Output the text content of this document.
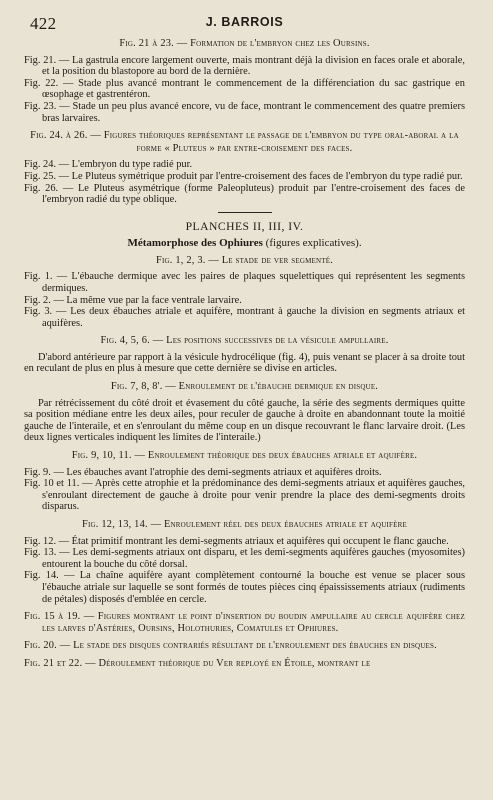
422	J. BARROIS

Fig. 21 à 23. — Formation de l'embryon chez les Oursins.

Fig. 21. — La gastrula encore largement ouverte, mais montrant déjà la division en faces orale et aborale, et la position du blastopore au bord de la dernière.

Fig. 22. — Stade plus avancé montrant le commencement de la différenciation du sac gastrique en œsophage et gastrentéron.

Fig. 23. — Stade un peu plus avancé encore, vu de face, montrant le commencement des quatre premiers bras larvaires.

Fig. 24. à 26. — Figures théoriques représentant le passage de l'embryon du type oral-aboral a la forme « Pluteus » par entre-croisement des faces.

Fig. 24. — L'embryon du type radié pur.

Fig. 25. — Le Pluteus symétrique produit par l'entre-croisement des faces de l'embryon du type radié pur.

Fig. 26. — Le Pluteus asymétrique (forme Paleopluteus) produit par l'entre-croisement des faces de l'embryon radié du type oblique.

PLANCHES II, III, IV.

Métamorphose des Ophiures (figures explicatives).

Fig. 1, 2, 3. — Le stade de ver segmenté.

Fig. 1. — L'ébauche dermique avec les paires de plaques squelettiques qui représentent les segments dermiques.

Fig. 2. — La même vue par la face ventrale larvaire.

Fig. 3. — Les deux ébauches atriale et aquifère, montrant à gauche la division en segments atriaux et aquifères.

Fig. 4, 5, 6. — Les positions successives de la vésicule ampullaire.

D'abord antérieure par rapport à la vésicule hydrocélique (fig. 4), puis venant se placer à sa droite tout en reculant de plus en plus à mesure que cette dernière se divise en articles.

Fig. 7, 8, 8'. — Enroulement de l'ébauche dermique en disque.

Par rétrécissement du côté droit et évasement du côté gauche, la série des segments dermiques quitte sa position médiane entre les deux ailes, pour reculer de gauche à droite en abandonnant toute la moitié gauche de l'interaile, et en s'enroulant du même coup en un disque recouvrant le flanc larvaire droit. (Les deux lignes verticales indiquent les limites de l'interaile.)

Fig. 9, 10, 11. — Enroulement théorique des deux ébauches atriale et aquifère.

Fig. 9. — Les ébauches avant l'atrophie des demi-segments atriaux et aquifères droits.

Fig. 10 et 11. — Après cette atrophie et la prédominance des demi-segments atriaux et aquifères gauches, s'enroulant directement de gauche à droite pour venir prendre la place des demi-segments droits disparus.

Fig. 12, 13, 14. — Enroulement réel des deux ébauches atriale et aquifère

Fig. 12. — État primitif montrant les demi-segments atriaux et aquifères qui occupent le flanc gauche.

Fig. 13. — Les demi-segments atriaux ont disparu, et les demi-segments aquifères gauches (myosomites) entourent la bouche du côté dorsal.

Fig. 14. — La chaîne aquifère ayant complètement contourné la bouche est venue se placer sous l'ébauche atriale sur laquelle se sont formés de toutes pièces cinq épaississements atriaux (rudiments de pétales) disposés d'emblée en cercle.

Fig. 15 à 19. — Figures montrant le point d'insertion du boudin ampullaire au cercle aquifère chez les larves d'Astéries, Oursins, Holothuries, Comatules et Ophiures.

Fig. 20. — Le stade des disques contrariés résultant de l'enroulement des ébauches en disques.

Fig. 21 et 22. — Déroulement théorique du Ver reployé en Étoile, montrant le
